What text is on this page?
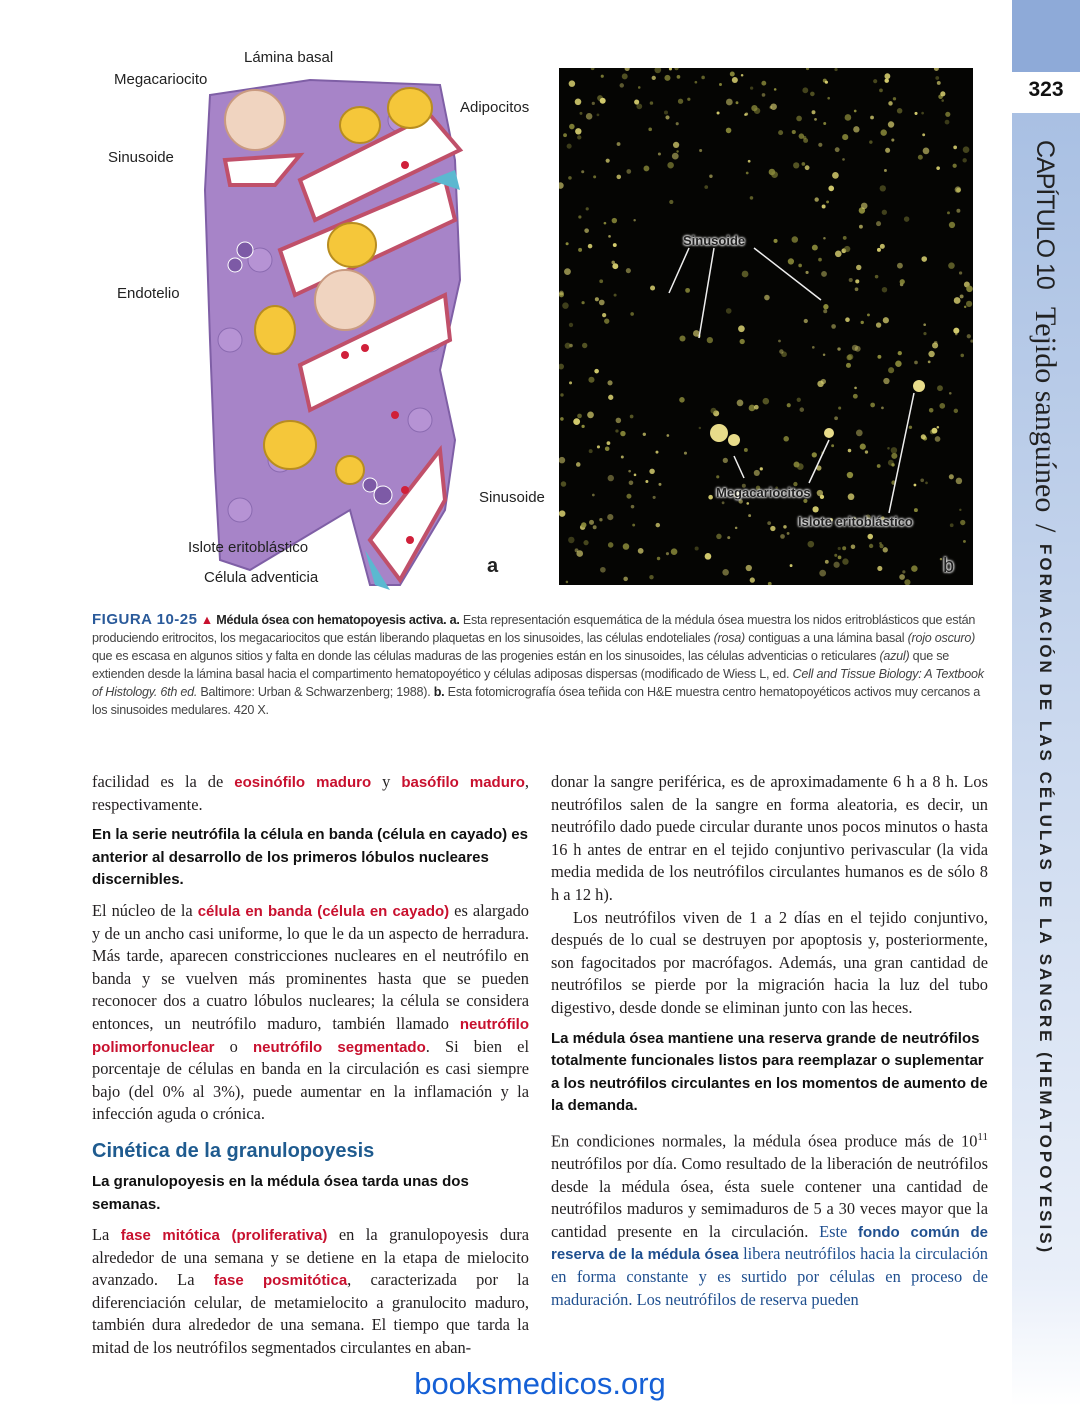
323
CAPÍTULO 10 Tejido sanguíneo / FORMACIÓN DE LAS CÉLULAS DE LA SANGRE (HEMATOPOYESIS)
Lámina basal
Megacariocito
Adipocitos
Sinusoide
Endotelio
Sinusoide
Islote eritoblástico
Célula adventicia
a
Sinusoide
Megacariocitos
Islote eritoblástico
b
FIGURA 10-25 ▲ Médula ósea con hematopoyesis activa. a. Esta representación esquemática de la médula ósea muestra los nidos eritroblásticos que están produciendo eritrocitos, los megacariocitos que están liberando plaquetas en los sinusoides, las células endoteliales (rosa) contiguas a una lámina basal (rojo oscuro) que es escasa en algunos sitios y falta en donde las células maduras de las progenies están en los sinusoides, las células adventicias o reticulares (azul) que se extienden desde la lámina basal hacia el compartimento hematopoyético y células adiposas dispersas (modificado de Wiess L, ed. Cell and Tissue Biology: A Textbook of Histology. 6th ed. Baltimore: Urban & Schwarzenberg; 1988). b. Esta fotomicrografía ósea teñida con H&E muestra centro hematopoyéticos activos muy cercanos a los sinusoides medulares. 420 X.

facilidad es la de eosinófilo maduro y basófilo maduro, respectivamente.

En la serie neutrófila la célula en banda (célula en cayado) es anterior al desarrollo de los primeros lóbulos nucleares discernibles.

El núcleo de la célula en banda (célula en cayado) es alargado y de un ancho casi uniforme, lo que le da un aspecto de herradura. Más tarde, aparecen constricciones nucleares en el neutrófilo en banda y se vuelven más prominentes hasta que se pueden reconocer dos a cuatro lóbulos nucleares; la célula se considera entonces, un neutrófilo maduro, también llamado neutrófilo polimorfonuclear o neutrófilo segmentado. Si bien el porcentaje de células en banda en la circulación es casi siempre bajo (del 0% al 3%), puede aumentar en la inflamación y la infección aguda o crónica.

Cinética de la granulopoyesis

La granulopoyesis en la médula ósea tarda unas dos semanas.

La fase mitótica (proliferativa) en la granulopoyesis dura alrededor de una semana y se detiene en la etapa de mielocito avanzado. La fase posmitótica, caracterizada por la diferenciación celular, de metamielocito a granulocito maduro, también dura alrededor de una semana. El tiempo que tarda la mitad de los neutrófilos segmentados circulantes en aban-

donar la sangre periférica, es de aproximadamente 6 h a 8 h. Los neutrófilos salen de la sangre en forma aleatoria, es decir, un neutrófilo dado puede circular durante unos pocos minutos o hasta 16 h antes de entrar en el tejido conjuntivo perivascular (la vida media medida de los neutrófilos circulantes humanos es de sólo 8 h a 12 h).

Los neutrófilos viven de 1 a 2 días en el tejido conjuntivo, después de lo cual se destruyen por apoptosis y, posteriormente, son fagocitados por macrófagos. Además, una gran cantidad de neutrófilos se pierde por la migración hacia la luz del tubo digestivo, desde donde se eliminan junto con las heces.

La médula ósea mantiene una reserva grande de neutrófilos totalmente funcionales listos para reemplazar o suplementar a los neutrófilos circulantes en los momentos de aumento de la demanda.

En condiciones normales, la médula ósea produce más de $10^{11}$ neutrófilos por día. Como resultado de la liberación de neutrófilos desde la médula ósea, ésta suele contener una cantidad de neutrófilos maduros y semimaduros de 5 a 30 veces mayor que la cantidad presente en la circulación. Este fondo común de reserva de la médula ósea libera neutrófilos hacia la circulación en forma constante y es surtido por células en proceso de maduración. Los neutrófilos de reserva pueden

booksmedicos.org
